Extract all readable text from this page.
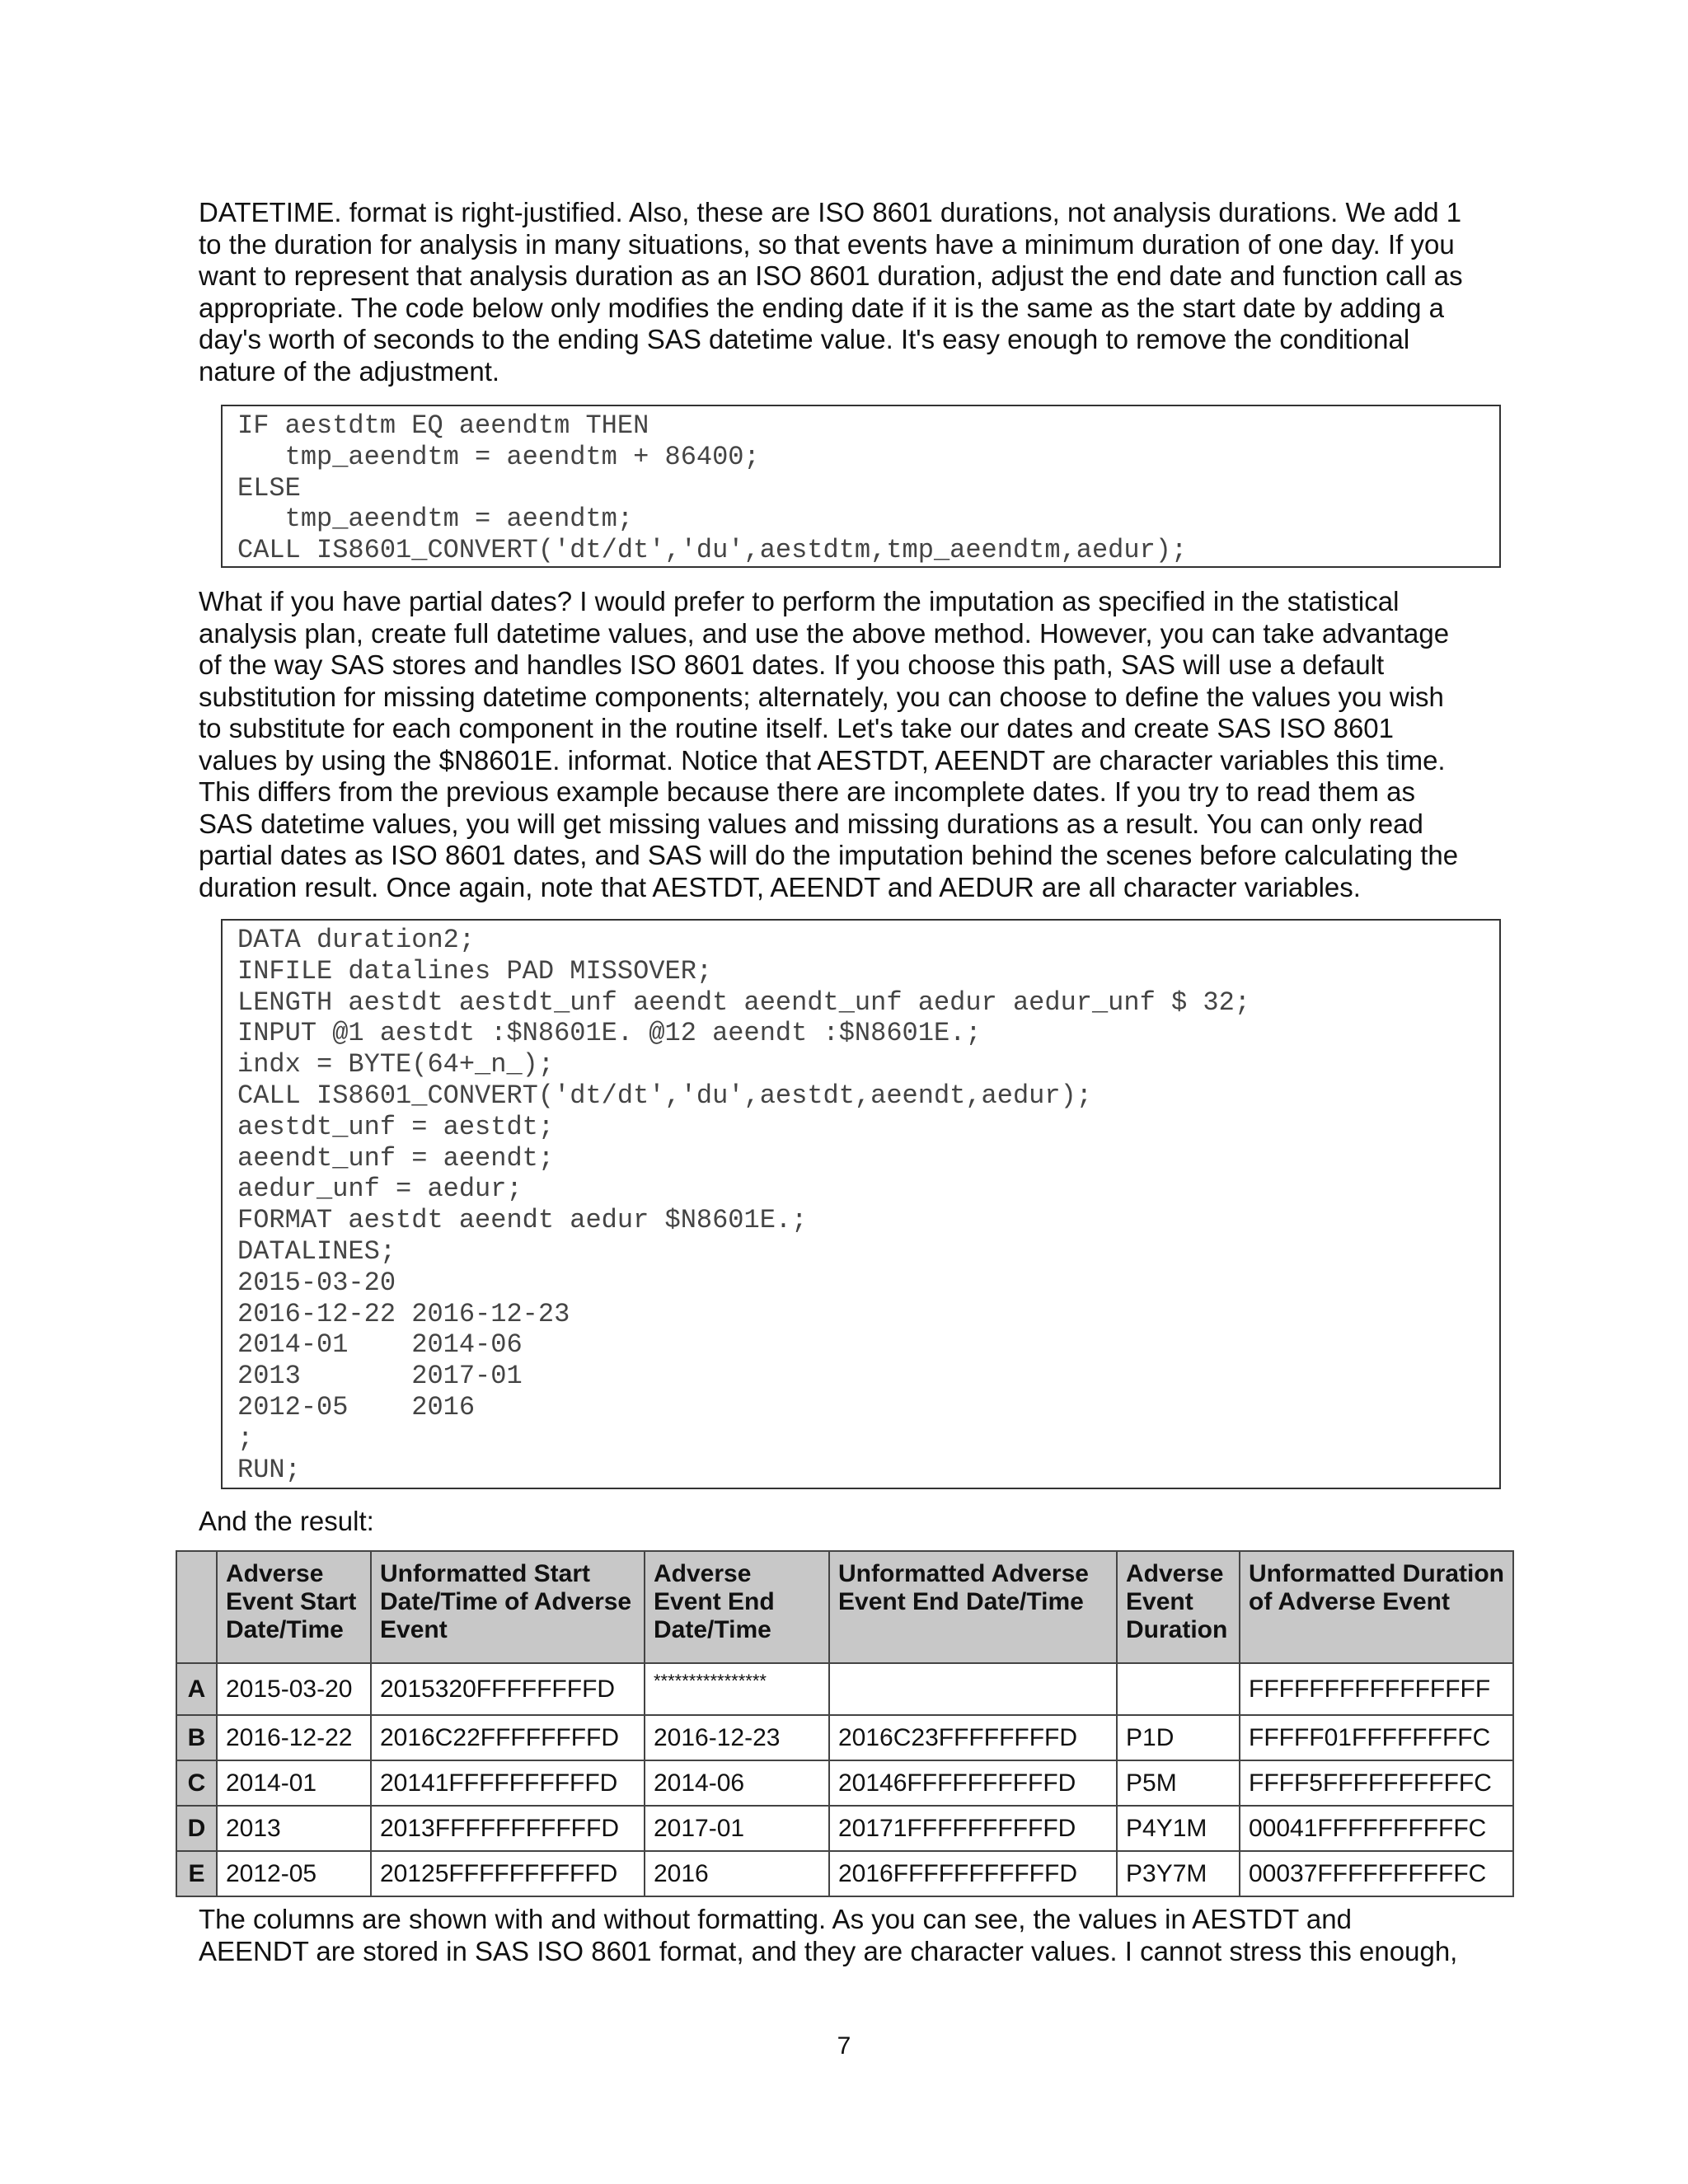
DATETIME. format is right-justified. Also, these are ISO 8601 durations, not analysis durations. We add 1
to the duration for analysis in many situations, so that events have a minimum duration of one day. If you
want to represent that analysis duration as an ISO 8601 duration, adjust the end date and function call as
appropriate. The code below only modifies the ending date if it is the same as the start date by adding a
day's worth of seconds to the ending SAS datetime value. It's easy enough to remove the conditional
nature of the adjustment.
IF aestdtm EQ aeendtm THEN
tmp_aeendtm = aeendtm + 86400;
ELSE
tmp_aeendtm = aeendtm;
CALL IS8601_CONVERT('dt/dt','du',aestdtm,tmp_aeendtm,aedur);
What if you have partial dates? I would prefer to perform the imputation as specified in the statistical
analysis plan, create full datetime values, and use the above method. However, you can take advantage
of the way SAS stores and handles ISO 8601 dates. If you choose this path, SAS will use a default
substitution for missing datetime components; alternately, you can choose to define the values you wish
to substitute for each component in the routine itself. Let's take our dates and create SAS ISO 8601
values by using the $N8601E. informat. Notice that AESTDT, AEENDT are character variables this time.
This differs from the previous example because there are incomplete dates. If you try to read them as
SAS datetime values, you will get missing values and missing durations as a result. You can only read
partial dates as ISO 8601 dates, and SAS will do the imputation behind the scenes before calculating the
duration result. Once again, note that AESTDT, AEENDT and AEDUR are all character variables.
DATA duration2;
INFILE datalines PAD MISSOVER;
LENGTH aestdt aestdt_unf aeendt aeendt_unf aedur aedur_unf $ 32;
INPUT @1 aestdt :$N8601E. @12 aeendt :$N8601E.;
indx = BYTE(64+_n_);
CALL IS8601_CONVERT('dt/dt','du',aestdt,aeendt,aedur);
aestdt_unf = aestdt;
aeendt_unf = aeendt;
aedur_unf = aedur;
FORMAT aestdt aeendt aedur $N8601E.;
DATALINES;
2015-03-20
2016-12-22 2016-12-23
2014-01    2014-06
2013       2017-01
2012-05    2016
;
RUN;
And the result:
	Adverse Event Start Date/Time	Unformatted Start Date/Time of Adverse Event	Adverse Event End Date/Time	Unformatted Adverse Event End Date/Time	Adverse Event Duration	Unformatted Duration of Adverse Event
A	2015-03-20	2015320FFFFFFFFD	****************			FFFFFFFFFFFFFFFF
B	2016-12-22	2016C22FFFFFFFFD	2016-12-23	2016C23FFFFFFFFD	P1D	FFFFF01FFFFFFFFC
C	2014-01	20141FFFFFFFFFFD	2014-06	20146FFFFFFFFFFD	P5M	FFFF5FFFFFFFFFFC
D	2013	2013FFFFFFFFFFFD	2017-01	20171FFFFFFFFFFD	P4Y1M	00041FFFFFFFFFFC
E	2012-05	20125FFFFFFFFFFD	2016	2016FFFFFFFFFFFD	P3Y7M	00037FFFFFFFFFFC
The columns are shown with and without formatting. As you can see, the values in AESTDT and
AEENDT are stored in SAS ISO 8601 format, and they are character values. I cannot stress this enough,
7
